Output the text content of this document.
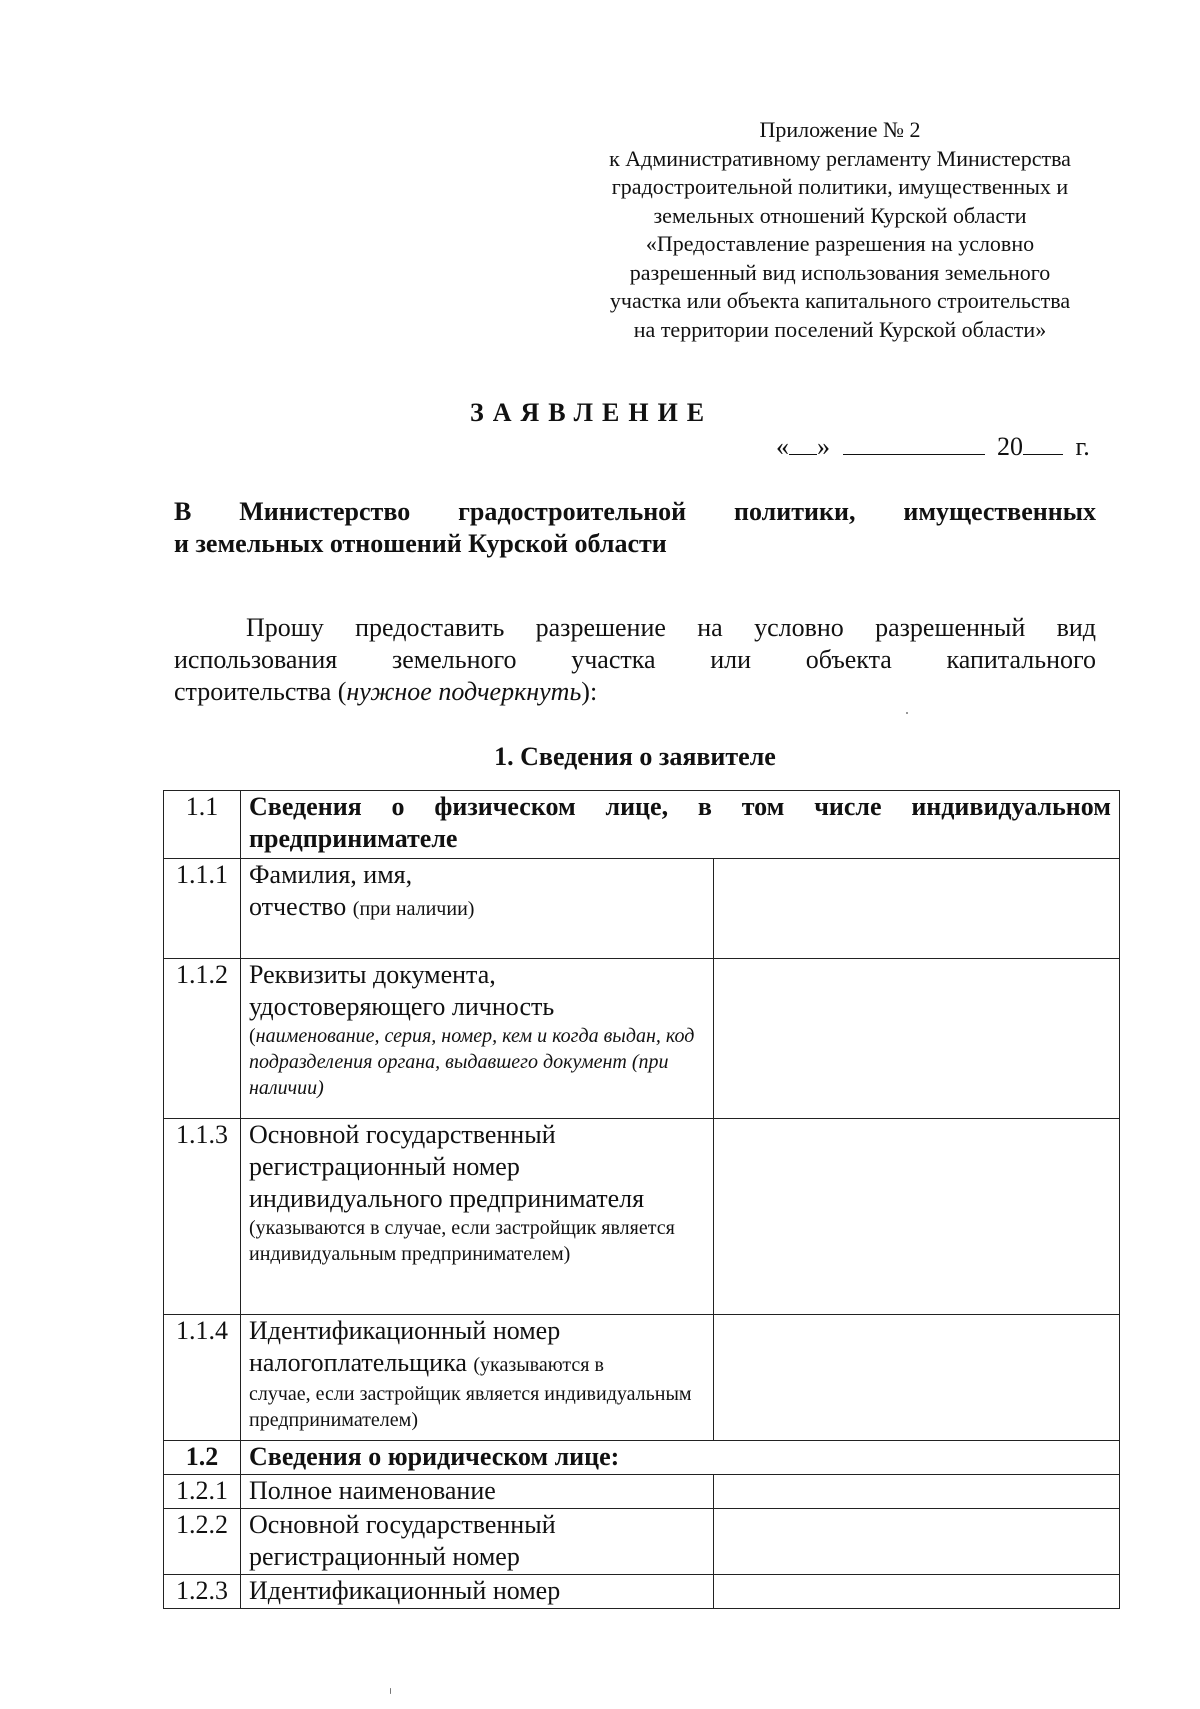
Приложение № 2
к Административному регламенту Министерства
градостроительной политики, имущественных и
земельных отношений Курской области
«Предоставление разрешения на условно
разрешенный вид использования земельного
участка или объекта капитального строительства
на территории поселений Курской области»
ЗАЯВЛЕНИЕ
« »	20 г.
В Министерство градостроительной политики, имущественных
и земельных отношений Курской области
Прошу предоставить разрешение на условно разрешенный вид
использования земельного участка или объекта капитального
строительства (нужное подчеркнуть):
1. Сведения о заявителе
1.1	Сведения о физическом лице, в том числе индивидуальном
предпринимателе	

1.1.1	Фамилия, имя,
отчество (при наличии)	

1.1.2	Реквизиты документа,
удостоверяющего личность
(наименование, серия, номер, кем и когда выдан, код подразделения органа, выдавшего документ (при наличии)	

1.1.3	Основной государственный
регистрационный номер
индивидуального предпринимателя
(указываются в случае, если застройщик является индивидуальным предпринимателем)	

1.1.4	Идентификационный номер
налогоплательщика (указываются в
случае, если застройщик является индивидуальным предпринимателем)	

1.2	Сведения о юридическом лице:	
1.2.1	Полное наименование	
1.2.2	Основной государственный
регистрационный номер	

1.2.3	Идентификационный номер	
